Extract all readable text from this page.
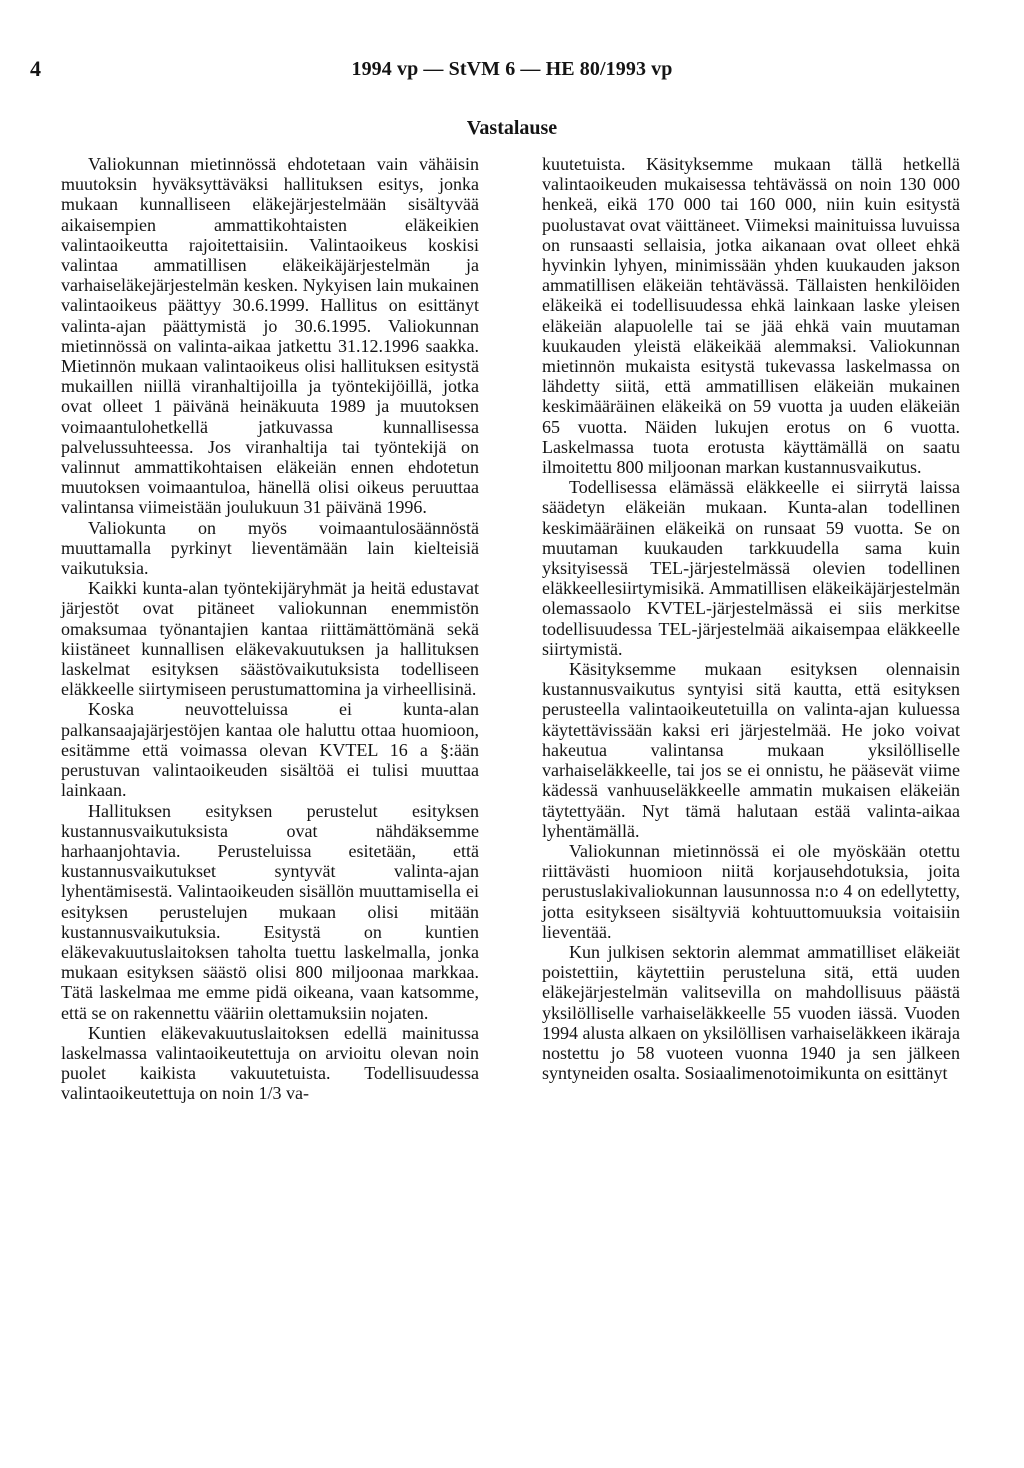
4	1994 vp — StVM 6 — HE 80/1993 vp
Vastalause

Valiokunnan mietinnössä ehdotetaan vain vähäisin muutoksin hyväksyttäväksi hallituksen esitys, jonka mukaan kunnalliseen eläkejärjestelmään sisältyvää aikaisempien ammattikohtaisten eläkeikien valintaoikeutta rajoitettaisiin. Valintaoikeus koskisi valintaa ammatillisen eläkeikäjärjestelmän ja varhaiseläkejärjestelmän kesken. Nykyisen lain mukainen valintaoikeus päättyy 30.6.1999. Hallitus on esittänyt valinta-ajan päättymistä jo 30.6.1995. Valiokunnan mietinnössä on valinta-aikaa jatkettu 31.12.1996 saakka. Mietinnön mukaan valintaoikeus olisi hallituksen esitystä mukaillen niillä viranhaltijoilla ja työntekijöillä, jotka ovat olleet 1 päivänä heinäkuuta 1989 ja muutoksen voimaantulohetkellä jatkuvassa kunnallisessa palvelussuhteessa. Jos viranhaltija tai työntekijä on valinnut ammattikohtaisen eläkeiän ennen ehdotetun muutoksen voimaantuloa, hänellä olisi oikeus peruuttaa valintansa viimeistään joulukuun 31 päivänä 1996.

Valiokunta on myös voimaantulosäännöstä muuttamalla pyrkinyt lieventämään lain kielteisiä vaikutuksia.

Kaikki kunta-alan työntekijäryhmät ja heitä edustavat järjestöt ovat pitäneet valiokunnan enemmistön omaksumaa työnantajien kantaa riittämättömänä sekä kiistäneet kunnallisen eläkevakuutuksen ja hallituksen laskelmat esityksen säästövaikutuksista todelliseen eläkkeelle siirtymiseen perustumattomina ja virheellisinä.

Koska neuvotteluissa ei kunta-alan palkansaajajärjestöjen kantaa ole haluttu ottaa huomioon, esitämme että voimassa olevan KVTEL 16 a §:ään perustuvan valintaoikeuden sisältöä ei tulisi muuttaa lainkaan.

Hallituksen esityksen perustelut esityksen kustannusvaikutuksista ovat nähdäksemme harhaanjohtavia. Perusteluissa esitetään, että kustannusvaikutukset syntyvät valinta-ajan lyhentämisestä. Valintaoikeuden sisällön muuttamisella ei esityksen perustelujen mukaan olisi mitään kustannusvaikutuksia. Esitystä on kuntien eläkevakuutuslaitoksen taholta tuettu laskelmalla, jonka mukaan esityksen säästö olisi 800 miljoonaa markkaa. Tätä laskelmaa me emme pidä oikeana, vaan katsomme, että se on rakennettu vääriin olettamuksiin nojaten.

Kuntien eläkevakuutuslaitoksen edellä mainitussa laskelmassa valintaoikeutettuja on arvioitu olevan noin puolet kaikista vakuutetuista. Todellisuudessa valintaoikeutettuja on noin 1/3 va-

kuutetuista. Käsityksemme mukaan tällä hetkellä valintaoikeuden mukaisessa tehtävässä on noin 130 000 henkeä, eikä 170 000 tai 160 000, niin kuin esitystä puolustavat ovat väittäneet. Viimeksi mainituissa luvuissa on runsaasti sellaisia, jotka aikanaan ovat olleet ehkä hyvinkin lyhyen, minimissään yhden kuukauden jakson ammatillisen eläkeiän tehtävässä. Tällaisten henkilöiden eläkeikä ei todellisuudessa ehkä lainkaan laske yleisen eläkeiän alapuolelle tai se jää ehkä vain muutaman kuukauden yleistä eläkeikää alemmaksi. Valiokunnan mietinnön mukaista esitystä tukevassa laskelmassa on lähdetty siitä, että ammatillisen eläkeiän mukainen keskimääräinen eläkeikä on 59 vuotta ja uuden eläkeiän 65 vuotta. Näiden lukujen erotus on 6 vuotta. Laskelmassa tuota erotusta käyttämällä on saatu ilmoitettu 800 miljoonan markan kustannusvaikutus.

Todellisessa elämässä eläkkeelle ei siirrytä laissa säädetyn eläkeiän mukaan. Kunta-alan todellinen keskimääräinen eläkeikä on runsaat 59 vuotta. Se on muutaman kuukauden tarkkuudella sama kuin yksityisessä TEL-järjestelmässä olevien todellinen eläkkeellesiirtymisikä. Ammatillisen eläkeikäjärjestelmän olemassaolo KVTEL-järjestelmässä ei siis merkitse todellisuudessa TEL-järjestelmää aikaisempaa eläkkeelle siirtymistä.

Käsityksemme mukaan esityksen olennaisin kustannusvaikutus syntyisi sitä kautta, että esityksen perusteella valintaoikeutetuilla on valinta-ajan kuluessa käytettävissään kaksi eri järjestelmää. He joko voivat hakeutua valintansa mukaan yksilölliselle varhaiseläkkeelle, tai jos se ei onnistu, he pääsevät viime kädessä vanhuuseläkkeelle ammatin mukaisen eläkeiän täytettyään. Nyt tämä halutaan estää valinta-aikaa lyhentämällä.

Valiokunnan mietinnössä ei ole myöskään otettu riittävästi huomioon niitä korjausehdotuksia, joita perustuslakivaliokunnan lausunnossa n:o 4 on edellytetty, jotta esitykseen sisältyviä kohtuuttomuuksia voitaisiin lieventää.

Kun julkisen sektorin alemmat ammatilliset eläkeiät poistettiin, käytettiin perusteluna sitä, että uuden eläkejärjestelmän valitsevilla on mahdollisuus päästä yksilölliselle varhaiseläkkeelle 55 vuoden iässä. Vuoden 1994 alusta alkaen on yksilöllisen varhaiseläkkeen ikäraja nostettu jo 58 vuoteen vuonna 1940 ja sen jälkeen syntyneiden osalta. Sosiaalimenotoimikunta on esittänyt
